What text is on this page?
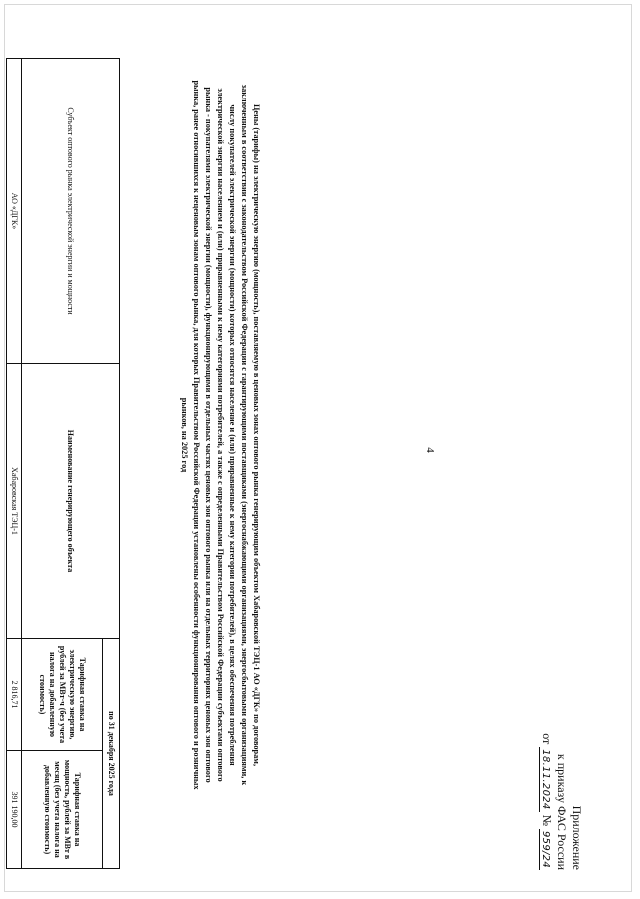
4
Приложение
к приказу ФАС России
от 18.11.2024 № 959/24
Цены (тарифы) на электрическую энергию (мощность), поставляемую в ценовых зонах оптового рынка генерирующим объектом Хабаровской ТЭЦ-1 АО «ДГК» по договорам, заключенным в соответствии с законодательством Российской Федерации с гарантирующими поставщиками (энергоснабжающими организациями, энергосбытовыми организациями, к числу покупателей электрической энергии (мощности) которых относятся население и (или) приравненные к нему категории потребителей), в целях обеспечения потребления электрической энергии населением и (или) приравненными к нему категориями потребителей, а также с определенными Правительством Российской Федерации субъектами оптового рынка - покупателями электрической энергии (мощности), функционирующими в отдельных частях ценовых зон оптового рынка или на отдельных территориях ценовых зон оптового рынка, ранее относившихся к неценовым зонам оптового рынка, для которых Правительством Российской Федерации установлены особенности функционирования оптового и розничных рынков, на 2025 год
Субъект оптового рынка электрической энергии и мощности	Наименование генерирующего объекта	по 31 декабря 2025 года	
		Тарифная ставка на электрическую энергию, рублей за МВт·ч (без учета налога на добавленную стоимость)	Тарифная ставка на мощность, рублей за МВт в месяц (без учета налога на добавленную стоимость)
АО «ДГК»	Хабаровская ТЭЦ-1	2 816,71	391 190,00
